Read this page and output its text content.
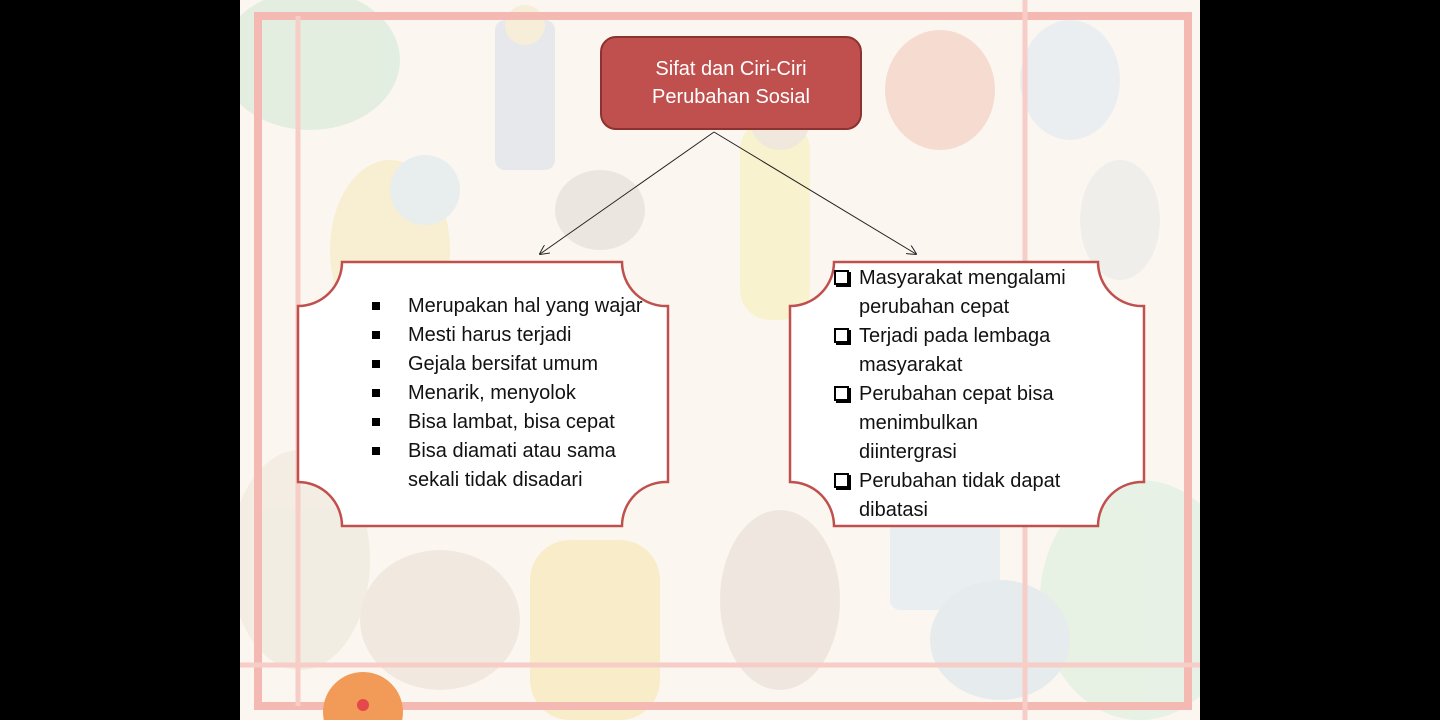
Sifat dan Ciri-Ciri
Perubahan Sosial
Merupakan hal yang wajar
Mesti harus terjadi
Gejala bersifat umum
Menarik, menyolok
Bisa lambat, bisa cepat
Bisa diamati atau sama sekali tidak disadari
Masyarakat mengalami perubahan cepat
Terjadi pada lembaga masyarakat
Perubahan cepat bisa menimbulkan diintergrasi
Perubahan tidak dapat dibatasi
